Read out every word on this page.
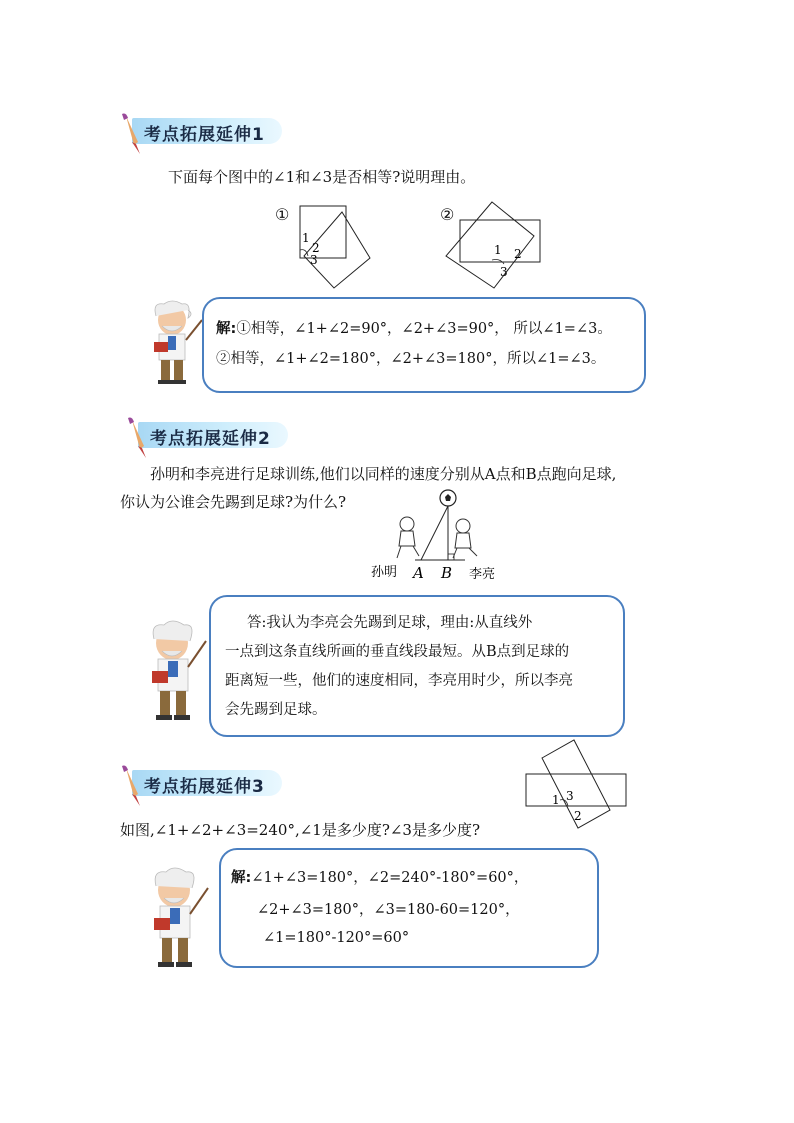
考点拓展延伸1
下面每个图中的∠1和∠3是否相等?说明理由。
①
1
2
3
②
1 2
3
解:①相等，∠1+∠2=90°，∠2+∠3=90°， 所以∠1=∠3。
②相等，∠1+∠2=180°，∠2+∠3=180°，所以∠1=∠3。
考点拓展延伸2
孙明和李亮进行足球训练,他们以同样的速度分别从A点和B点跑向足球,
你认为公谁会先踢到足球?为什么?
孙明 A B 李亮
答:我认为李亮会先踢到足球，理由:从直线外
一点到这条直线所画的垂直线段最短。从B点到足球的
距离短一些，他们的速度相同，李亮用时少，所以李亮
会先踢到足球。
考点拓展延伸3
1 3
2
如图,∠1+∠2+∠3=240°,∠1是多少度?∠3是多少度?
解:∠1+∠3=180°，∠2=240°-180°=60°，
∠2+∠3=180°，∠3=180-60=120°，
∠1=180°-120°=60°
